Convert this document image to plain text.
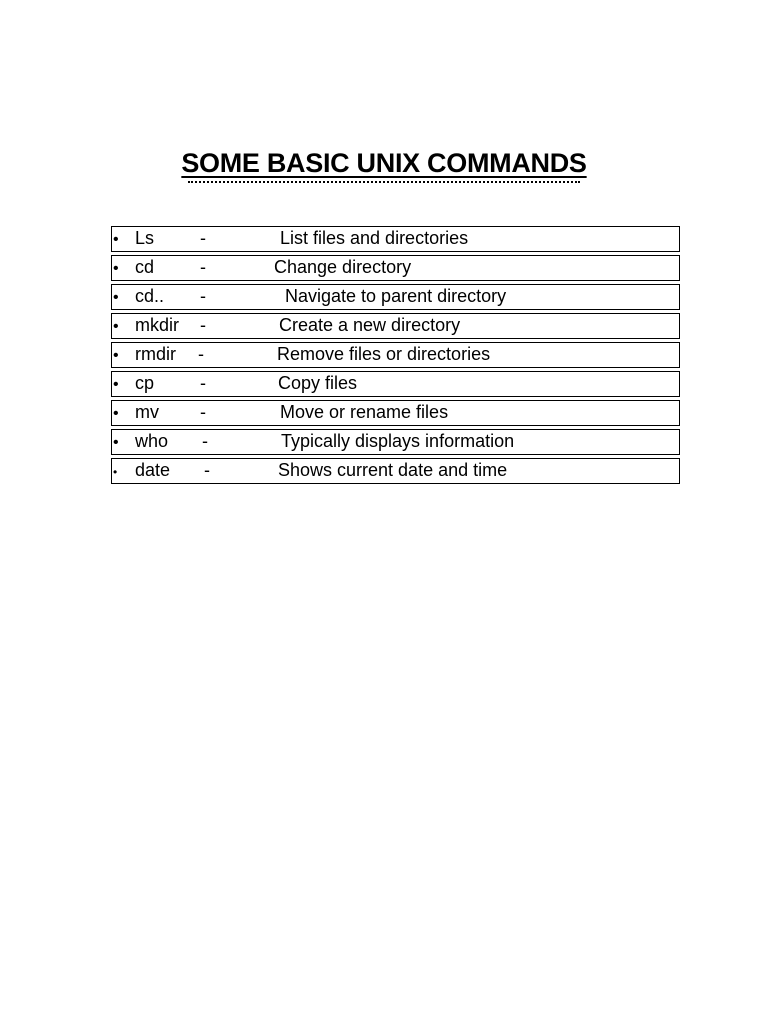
SOME BASIC UNIX COMMANDS
• Ls	-	List files and directories
• cd	-	Change directory
• cd.. -	Navigate to parent directory
• mkdir -	Create a new directory
• rmdir -	Remove files or directories
• cp	-	Copy files
• mv -	Move or rename files
• who -	Typically displays information
• date -	Shows current date and time
